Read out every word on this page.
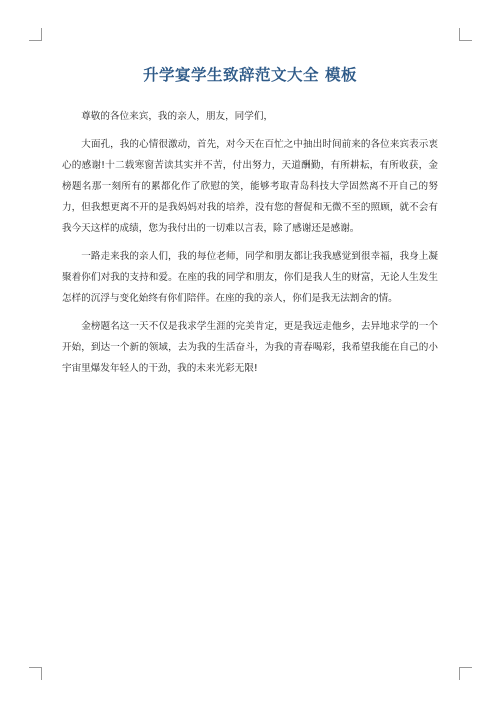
升学宴学生致辞范文大全 模板

尊敬的各位来宾，我的亲人，朋友，同学们，

大面孔，我的心情很激动，首先，对今天在百忙之中抽出时间前来的各位来宾表示衷心的感谢!十二载寒窗苦读其实并不苦，付出努力，天道酬勤，有所耕耘，有所收获，金榜题名那一刻所有的累都化作了欣慰的笑，能够考取青岛科技大学固然离不开自己的努力，但我想更离不开的是我妈妈对我的培养，没有您的督促和无微不至的照顾，就不会有我今天这样的成绩，您为我付出的一切难以言表，除了感谢还是感谢。

一路走来我的亲人们，我的每位老师，同学和朋友都让我我感觉到很幸福，我身上凝聚着你们对我的支持和爱。在座的我的同学和朋友，你们是我人生的财富，无论人生发生怎样的沉浮与变化始终有你们陪伴。在座的我的亲人，你们是我无法割舍的情。

金榜题名这一天不仅是我求学生涯的完美肯定，更是我远走他乡，去异地求学的一个开始，到达一个新的领域，去为我的生活奋斗，为我的青春喝彩，我希望我能在自己的小宇宙里爆发年轻人的干劲，我的未来光彩无限!
